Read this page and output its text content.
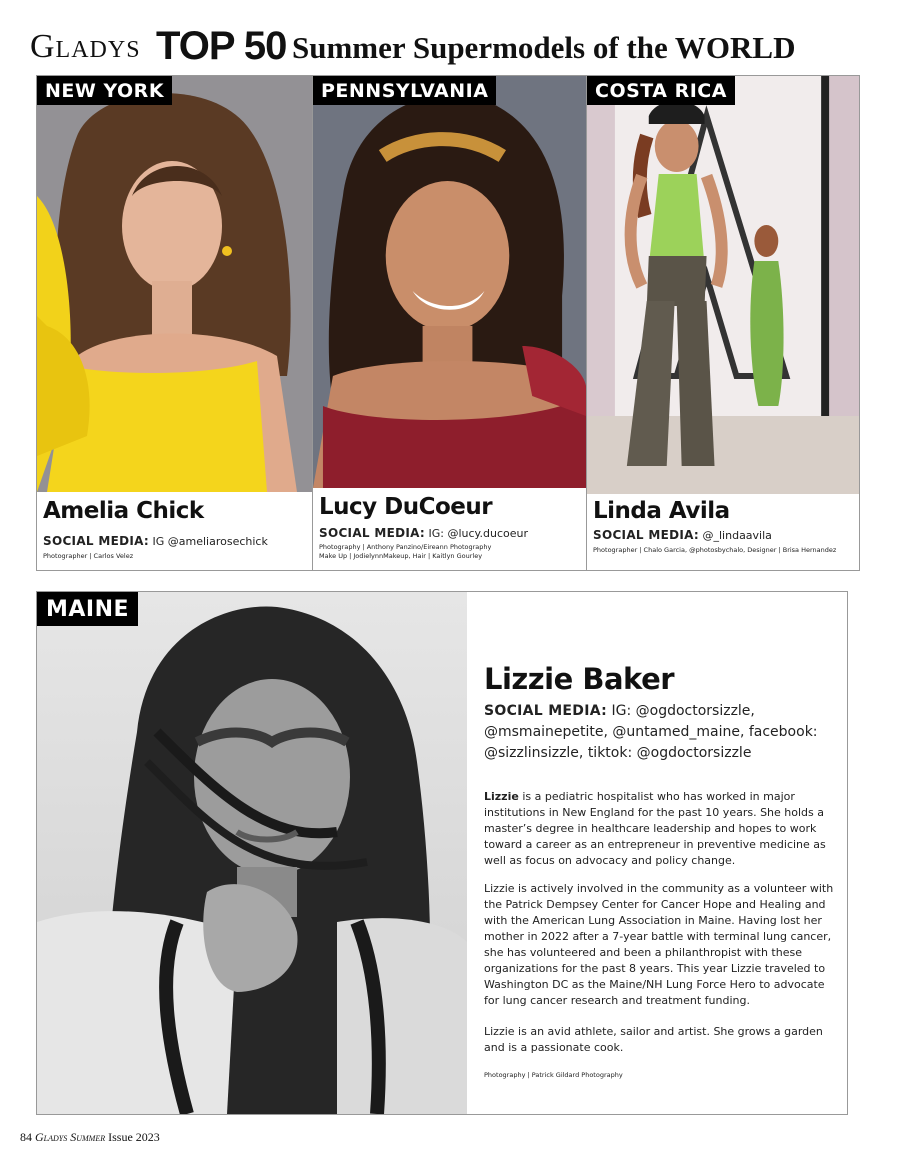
Gladys TOP 50 Summer Supermodels of the WORLD
NEW YORK
Amelia Chick
SOCIAL MEDIA: IG @ameliarosechick
Photographer | Carlos Velez
PENNSYLVANIA
Lucy DuCoeur
SOCIAL MEDIA: IG: @lucy.ducoeur
Photography | Anthony Panzino/Eireann Photography
Make Up | JodielynnMakeup, Hair | Kaitlyn Gourley
COSTA RICA
Linda Avila
SOCIAL MEDIA: @_lindaavila
Photographer | Chalo Garcia, @photosbychalo, Designer | Brisa Hernandez
MAINE
Lizzie Baker
SOCIAL MEDIA: IG: @ogdoctorsizzle, @msmainepetite, @untamed_maine, facebook: @sizzlinsizzle, tiktok: @ogdoctorsizzle

Lizzie is a pediatric hospitalist who has worked in major institutions in New England for the past 10 years. She holds a master’s degree in healthcare leadership and hopes to work toward a career as an entrepreneur in preventive medicine as well as focus on advocacy and policy change.

Lizzie is actively involved in the community as a volunteer with the Patrick Dempsey Center for Cancer Hope and Healing and with the American Lung Association in Maine. Having lost her mother in 2022 after a 7-year battle with terminal lung cancer, she has volunteered and been a philanthropist with these organizations for the past 8 years. This year Lizzie traveled to Washington DC as the Maine/NH Lung Force Hero to advocate for lung cancer research and treatment funding.

Lizzie is an avid athlete, sailor and artist. She grows a garden and is a passionate cook.

Photography | Patrick Gildard Photography
84 Gladys Summer Issue 2023
